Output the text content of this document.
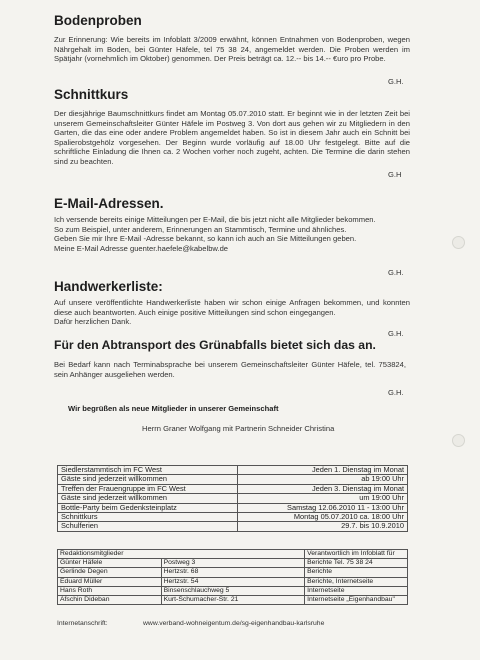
Bodenproben
Zur Erinnerung: Wie bereits im Infoblatt 3/2009 erwähnt, können Entnahmen von Bodenproben, wegen Nährgehalt im Boden, bei Günter Häfele, tel 75 38 24, angemeldet werden. Die Proben werden im Spätjahr (vornehmlich im Oktober) genommen. Der Preis beträgt ca. 12.-- bis 14.-- €uro pro Probe.
G.H.
Schnittkurs
Der diesjährige Baumschnittkurs findet am Montag 05.07.2010 statt. Er beginnt wie in der letzten Zeit bei unserem Gemeinschaftsleiter Günter Häfele im Postweg 3. Von dort aus gehen wir zu Mitgliedern in den Garten, die das eine oder andere Problem angemeldet haben. So ist in diesem Jahr auch ein Schnitt bei Spalierobstgehölz vorgesehen. Der Beginn wurde vorläufig auf 18.00 Uhr festgelegt. Bitte auf die schriftliche Einladung die Ihnen ca. 2 Wochen vorher noch zugeht, achten. Die Termine die darin stehen sind zu beachten.
G.H
E-Mail-Adressen.
Ich versende bereits einige Mitteilungen per E-Mail, die bis jetzt nicht alle Mitglieder bekommen.
So zum Beispiel, unter anderem, Erinnerungen an Stammtisch, Termine und ähnliches.
Geben Sie mir Ihre E-Mail -Adresse bekannt, so kann ich auch an Sie Mitteilungen geben.
Meine E-Mail Adresse guenter.haefele@kabelbw.de
G.H.
Handwerkerliste:
Auf unsere veröffentlichte Handwerkerliste haben wir schon einige Anfragen bekommen, und konnten diese auch beantworten. Auch einige positive Mitteilungen sind schon eingegangen.
Dafür herzlichen Dank.
G.H.
Für den Abtransport des Grünabfalls bietet sich das an.
Bei Bedarf kann nach Terminabsprache bei unserem Gemeinschaftsleiter Günter Häfele, tel. 753824, sein Anhänger ausgeliehen werden.
G.H.
Wir begrüßen als neue Mitglieder in unserer Gemeinschaft
Herrn Graner Wolfgang mit Partnerin Schneider Christina
Siedlerstammtisch im FC West	Jeden 1. Dienstag im Monat
Gäste sind jederzeit willkommen	ab 19:00 Uhr
Treffen der Frauengruppe im FC West	Jeden 3. Dienstag im Monat
Gäste sind jederzeit willkommen	um 19:00 Uhr
Bottle-Party beim Gedenksteinplatz	Samstag 12.06.2010 11 - 13:00 Uhr
Schnittkurs	Montag 05.07.2010 ca. 18:00 Uhr
Schulferien	29.7. bis 10.9.2010
Redaktionsmitglieder		Verantwortlich im Infoblatt für
Günter Häfele	Postweg 3	Berichte Tel. 75 38 24
Gerlinde Degen	Hertzstr. 68	Berichte
Eduard Müller	Hertzstr. 54	Berichte, Internetseite
Hans Roth	Binsenschlauchweg 5	Internetseite
Afschin Dideban	Kurt-Schumacher-Str. 21	Internetseite „Eigenhandbau"
Internetanschrift:	www.verband-wohneigentum.de/sg-eigenhandbau-karlsruhe
